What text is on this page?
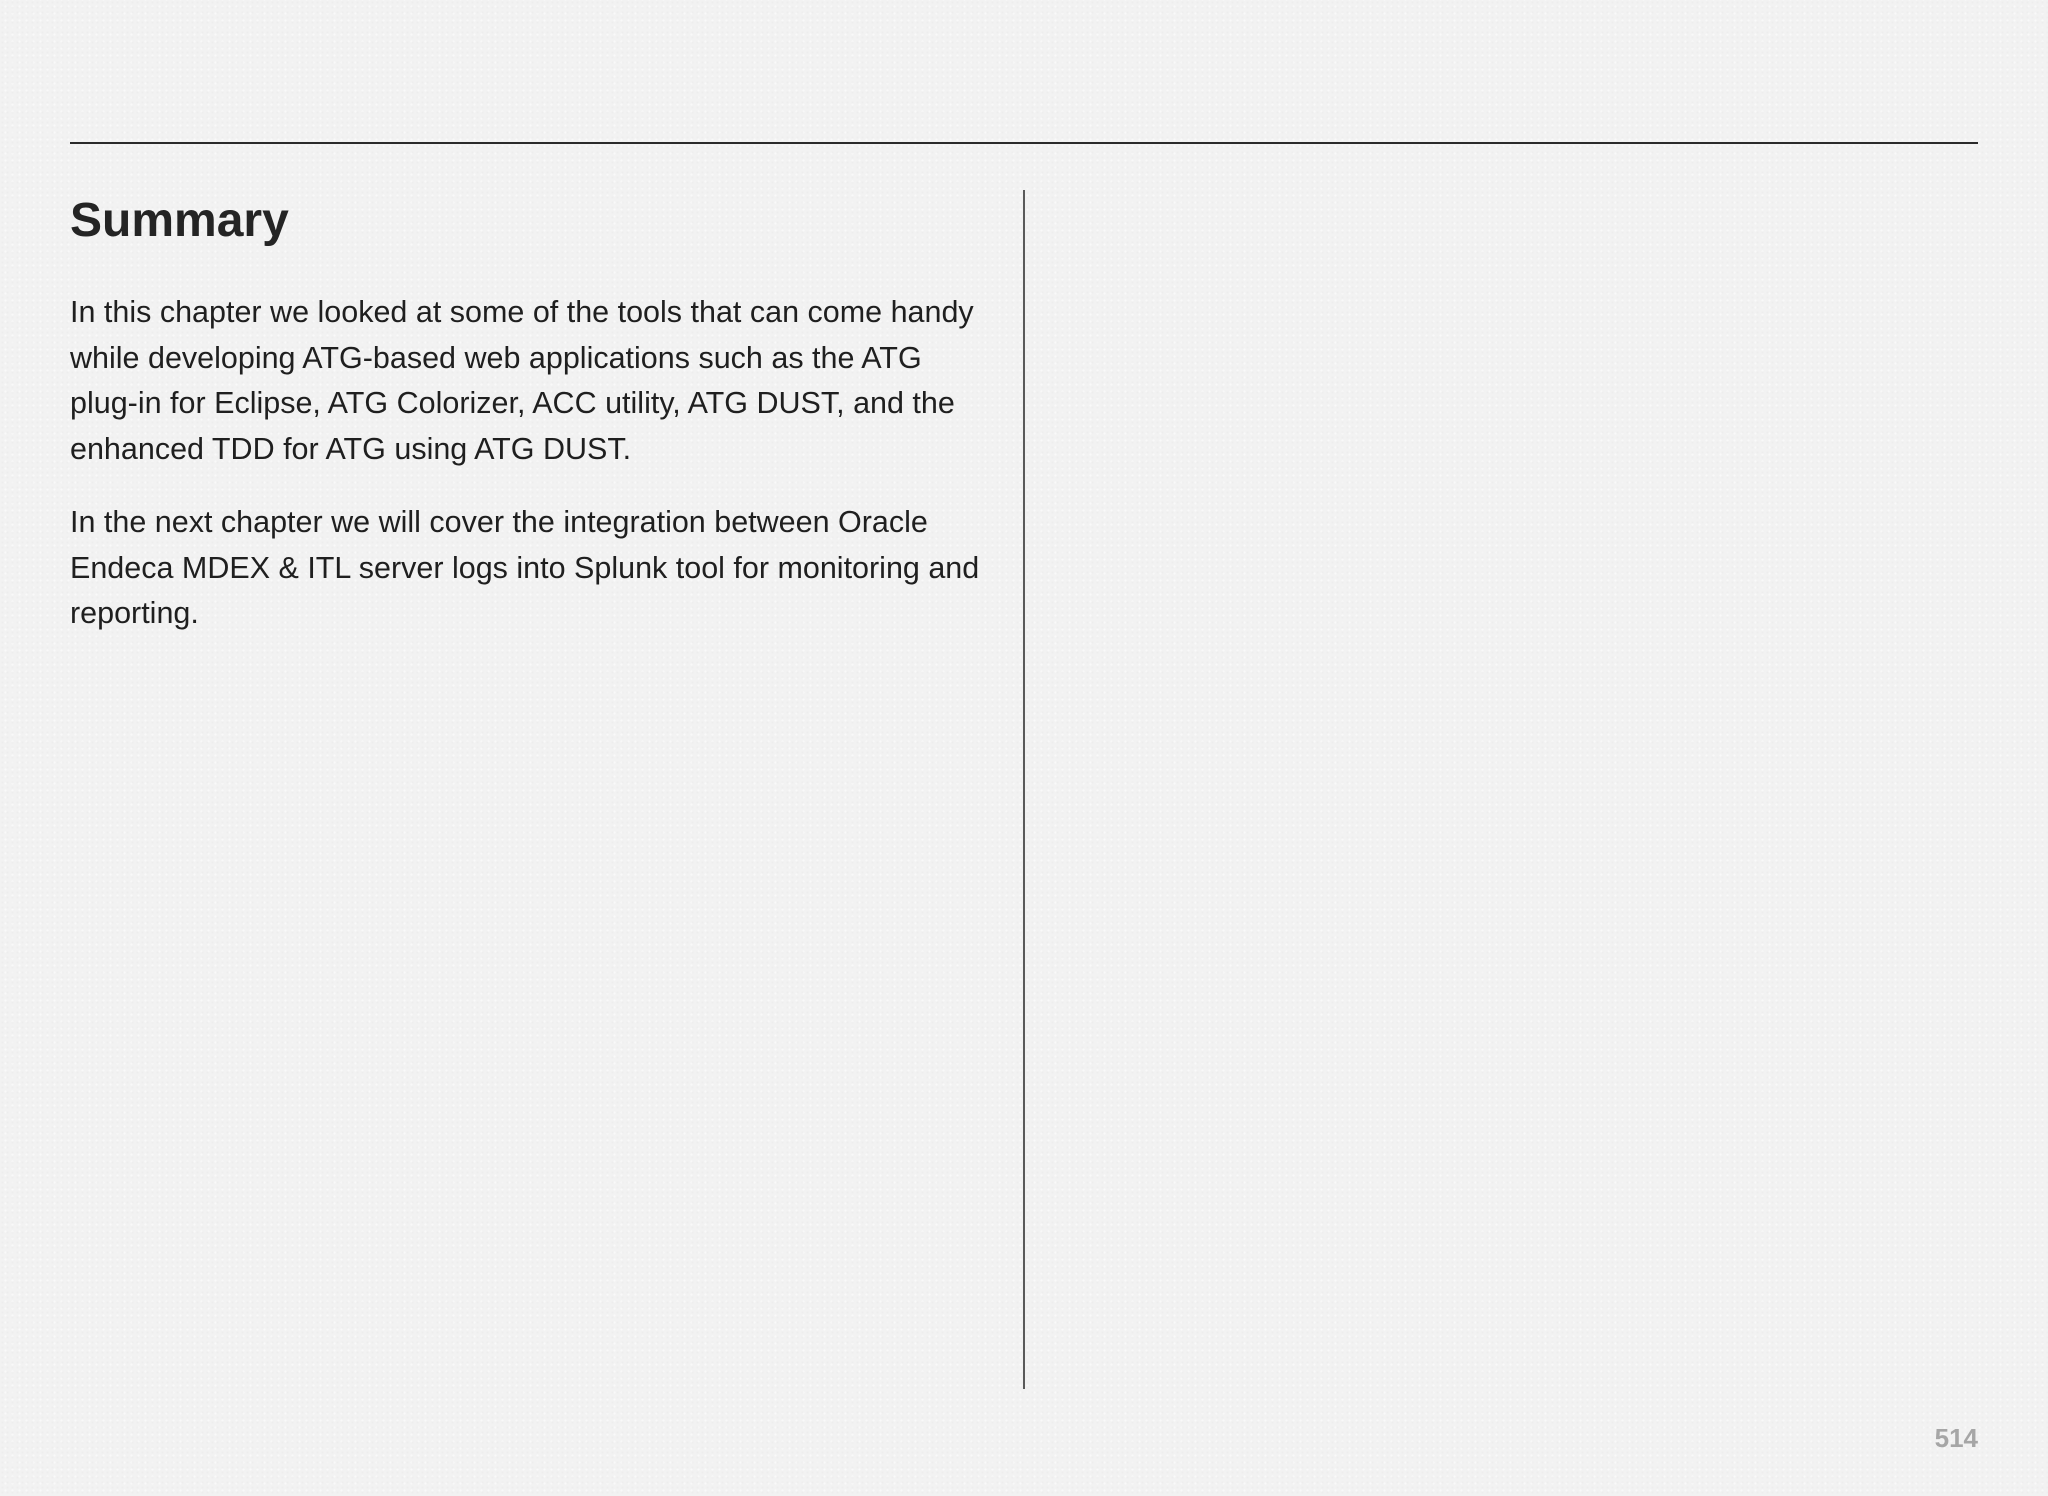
Summary

In this chapter we looked at some of the tools that can come handy while developing ATG-based web applications such as the ATG plug-in for Eclipse, ATG Colorizer, ACC utility, ATG DUST, and the enhanced TDD for ATG using ATG DUST.

In the next chapter we will cover the integration between Oracle Endeca MDEX & ITL server logs into Splunk tool for monitoring and reporting.

514
